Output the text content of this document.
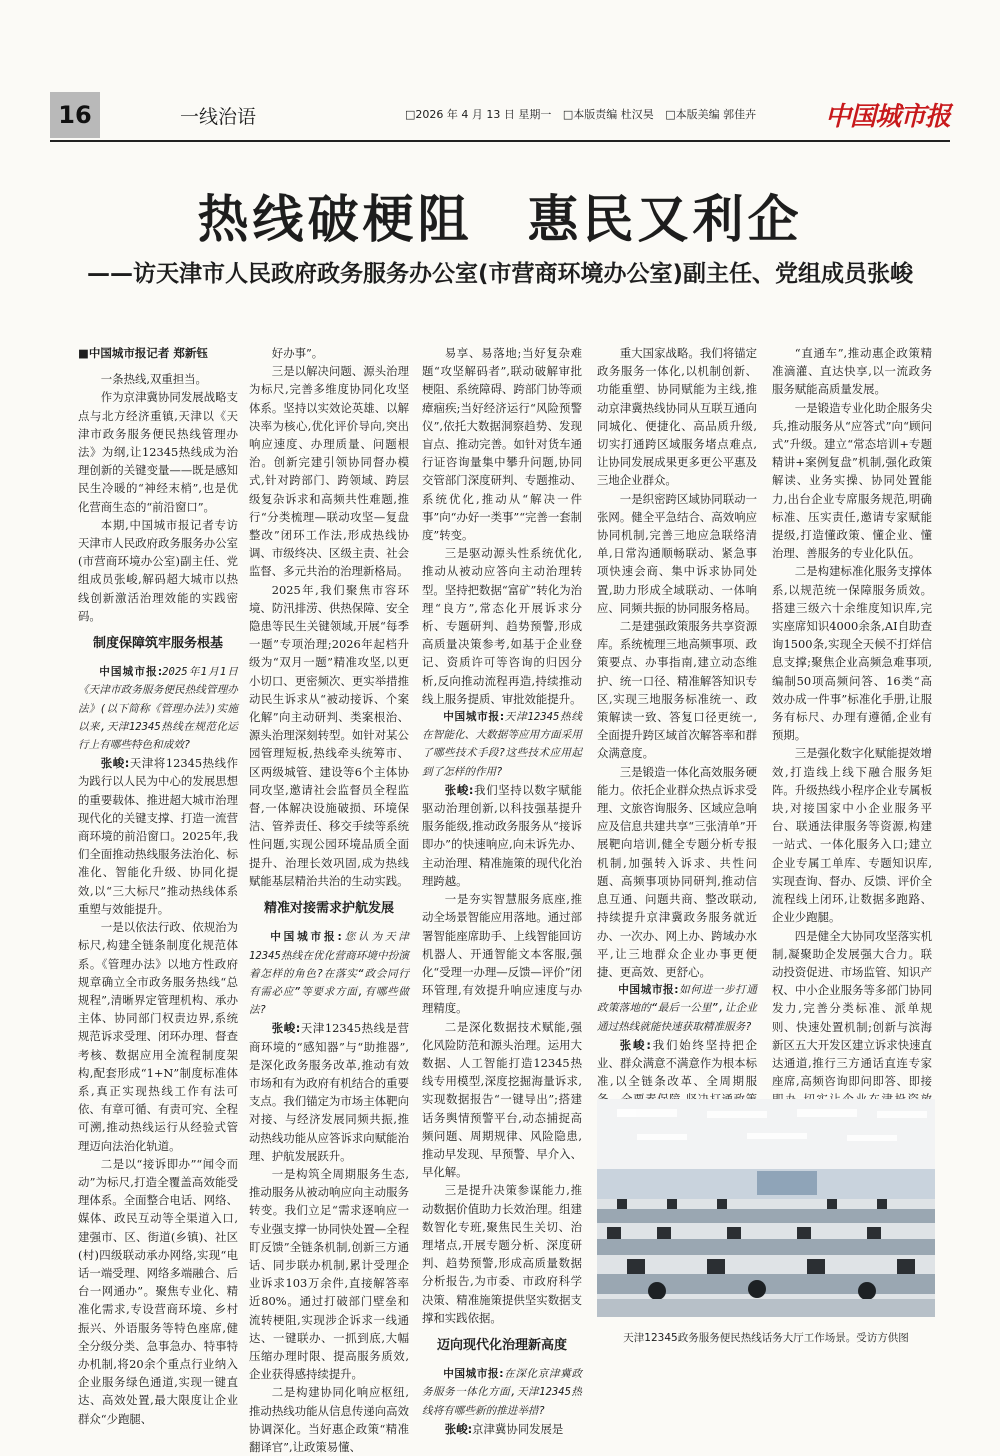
16	一线治语	□2026 年 4 月 13 日 星期一 □本版责编 杜汉昊 □本版美编 郭佳卉	中国城市报
热线破梗阻　惠民又利企
——访天津市人民政府政务服务办公室(市营商环境办公室)副主任、党组成员张峻
■中国城市报记者 郑新钰

一条热线,双重担当。

作为京津冀协同发展战略支点与北方经济重镇,天津以《天津市政务服务便民热线管理办法》为纲,让12345热线成为治理创新的关键变量——既是感知民生冷暖的“神经末梢”,也是优化营商生态的“前沿窗口”。

本期,中国城市报记者专访天津市人民政府政务服务办公室(市营商环境办公室)副主任、党组成员张峻,解码超大城市以热线创新激活治理效能的实践密码。

制度保障筑牢服务根基

中国城市报:2025年1月1日《天津市政务服务便民热线管理办法》(以下简称《管理办法》)实施以来,天津12345热线在规范化运行上有哪些特色和成效?

张峻:天津将12345热线作为践行以人民为中心的发展思想的重要载体、推进超大城市治理现代化的关键支撑、打造一流营商环境的前沿窗口。2025年,我们全面推动热线服务法治化、标准化、智能化升级、协同化提效,以“三大标尺”推动热线体系重塑与效能提升。

一是以依法行政、依规治为标尺,构建全链条制度化规范体系。《管理办法》以地方性政府规章确立全市政务服务热线“总规程”,清晰界定管理机构、承办主体、协同部门权责边界,系统规范诉求受理、闭环办理、督查考核、数据应用全流程制度架构,配套形成“1+N”制度标准体系,真正实现热线工作有法可依、有章可循、有责可究、全程可溯,推动热线运行从经验式管理迈向法治化轨道。

二是以“接诉即办”“闻令而动”为标尺,打造全覆盖高效能受理体系。全面整合电话、网络、媒体、政民互动等全渠道入口,建强市、区、街道(乡镇)、社区(村)四级联动承办网络,实现“电话一端受理、网络多端融合、后台一网通办”。聚焦专业化、精准化需求,专设营商环境、乡村振兴、外语服务等特色座席,健全分级分类、急事急办、特事特办机制,将20余个重点行业纳入企业服务绿色通道,实现一键直达、高效处置,最大限度让企业群众“少跑腿、

好办事”。

三是以解决问题、源头治理为标尺,完善多维度协同化攻坚体系。坚持以实效论英雄、以解决率为核心,优化评价导向,突出响应速度、办理质量、问题根治。创新完建引领协同督办模式,针对跨部门、跨领域、跨层级复杂诉求和高频共性难题,推行“分类梳理—联动攻坚—复盘整改”闭环工作法,形成热线协调、市级终决、区级主责、社会监督、多元共治的治理新格局。

2025年,我们聚焦市容环境、防汛排涝、供热保障、安全隐患等民生关键领域,开展“每季一题”专项治理;2026年起档升级为“双月一题”精准攻坚,以更小切口、更密频次、更实举措推动民生诉求从“被动接诉、个案化解”向主动研判、类案根治、源头治理深刻转型。如针对某公园管理短板,热线牵头统筹市、区两级城管、建设等6个主体协同攻坚,邀请社会监督员全程监督,一体解决设施破损、环境保洁、管养责任、移交手续等系统性问题,实现公园环境品质全面提升、治理长效巩固,成为热线赋能基层精治共治的生动实践。

精准对接需求护航发展

中国城市报:您认为天津12345热线在优化营商环境中扮演着怎样的角色?在落实“政会同行有需必应”等要求方面,有哪些做法?

张峻:天津12345热线是营商环境的“感知器”与“助推器”,是深化政务服务改革,推动有效市场和有为政府有机结合的重要支点。我们锚定为市场主体靶向对接、与经济发展同频共振,推动热线功能从应答诉求向赋能治理、护航发展跃升。

一是构筑全周期服务生态,推动服务从被动响应向主动服务转变。我们立足“需求逐响应一专业强支撑一协同快处置—全程盯反馈”全链条机制,创新三方通话、同步联办机制,累计受理企业诉求103万余件,直接解答率近80%。通过打破部门壁垒和流转梗阻,实现涉企诉求一线通达、一键联办、一抓到底,大幅压缩办理时限、提高服务质效,企业获得感持续提升。

二是构建协同化响应枢纽,推动热线功能从信息传递向高效协调深化。当好惠企政策“精准翻译官”,让政策易懂、

易享、易落地;当好复杂难题“攻坚解码者”,联动破解审批梗阻、系统障碍、跨部门协等顽瘴痼疾;当好经济运行“风险预警仪”,依托大数据洞察趋势、发现盲点、推动完善。如针对货车通行证咨询量集中攀升问题,协同交管部门深度研判、专题推动、系统优化,推动从“解决一件事”向“办好一类事”“完善一套制度”转变。

三是驱动源头性系统优化,推动从被动应答向主动治理转型。坚持把数据“富矿”转化为治理“良方”,常态化开展诉求分析、专题研判、趋势预警,形成高质量决策参考,如基于企业登记、资质许可等咨询的归因分析,反向推动流程再造,持续推动线上服务提质、审批效能提升。

中国城市报:天津12345热线在智能化、大数据等应用方面采用了哪些技术手段?这些技术应用起到了怎样的作用?

张峻:我们坚持以数字赋能驱动治理创新,以科技强基提升服务能级,推动政务服务从“接诉即办”的快速响应,向未诉先办、主动治理、精准施策的现代化治理跨越。

一是夯实智慧服务底座,推动全场景智能应用落地。通过部署智能座席助手、上线智能回访机器人、开通智能文本客服,强化“受理一办理—反馈—评价”闭环管理,有效提升响应速度与办理精度。

二是深化数据技术赋能,强化风险防范和源头治理。运用大数据、人工智能打造12345热线专用模型,深度挖掘海量诉求,实现数据报告“一键导出”;搭建话务舆情预警平台,动态捕捉高频问题、周期规律、风险隐患,推动早发现、早预警、早介入、早化解。

三是提升决策参谋能力,推动数据价值助力长效治理。组建数智化专班,聚焦民生关切、治理堵点,开展专题分析、深度研判、趋势预警,形成高质量数据分析报告,为市委、市政府科学决策、精准施策提供坚实数据支撑和实践依据。

迈向现代化治理新高度

中国城市报:在深化京津冀政务服务一体化方面,天津12345热线将有哪些新的推进举措?

张峻:京津冀协同发展是

重大国家战略。我们将锚定政务服务一体化,以机制创新、功能重塑、协同赋能为主线,推动京津冀热线协同从互联互通向同城化、便捷化、高品质升级,切实打通跨区域服务堵点难点,让协同发展成果更多更公平惠及三地企业群众。

一是织密跨区域协同联动一张网。健全平急结合、高效响应协同机制,完善三地应急联络清单,日常沟通顺畅联动、紧急事项快速会商、集中诉求协同处置,助力形成全域联动、一体响应、同频共振的协同服务格局。

二是建强政策服务共享资源库。系统梳理三地高频事项、政策要点、办事指南,建立动态维护、统一口径、精准解答知识专区,实现三地服务标准统一、政策解读一致、答复口径更统一,全面提升跨区域首次解答率和群众满意度。

三是锻造一体化高效服务硬能力。依托企业群众热点诉求受理、文旅咨询服务、区域应急响应及信息共建共享“三张清单”开展靶向培训,健全专题分析专报机制,加强转入诉求、共性问题、高频事项协同研判,推动信息互通、问题共商、整改联动,持续提升京津冀政务服务就近办、一次办、网上办、跨域办水平,让三地群众企业办事更便捷、更高效、更舒心。

中国城市报:如何进一步打通政策落地的“最后一公里”,让企业通过热线就能快速获取精准服务?

张峻:我们始终坚持把企业、群众满意不满意作为根本标准,以全链条改革、全周期服

“直通车”,推动惠企政策精准滴灌、直达快享,以一流政务服务赋能高质量发展。

一是锻造专业化助企服务尖兵,推动服务从“应答式”向“顾问式”升级。建立“常态培训+专题精讲+案例复盘”机制,强化政策解读、业务实操、协同处置能力,出台企业专席服务规范,明确标准、压实责任,邀请专家赋能提级,打造懂政策、懂企业、懂治理、善服务的专业化队伍。

二是构建标准化服务支撑体系,以规范统一保障服务质效。搭建三级六十余维度知识库,完实座席知识4000余条,AI自助查询1500条,实现全天候不打烊信息支撑;聚焦企业高频急难事项,编制50项高频问答、16类“高效办成一件事”标准化手册,让服务有标尺、办理有遵循,企业有预期。

三是强化数字化赋能提效增效,打造线上线下融合服务矩阵。升级热线小程序企业专属板块,对接国家中小企业服务平台、联通法律服务等资源,构建一站式、一体化服务入口;建立企业专属工单库、专题知识库,实现查询、督办、反馈、评价全流程线上闭环,让数据多跑路、企业少跑腿。

四是健全大协同攻坚落实机制,凝聚助企发展强大合力。联动投资促进、市场监管、知识产权、中小企业服务等多部门协同发力,完善分类标准、派单规则、快速处置机制;创新与滨海新区五大开发区建立诉求快速直达通道,推行三方通话直连专家座席,高频咨询即问即答、即接

天津12345政务服务便民热线话务大厅工作场景。受访方供图
